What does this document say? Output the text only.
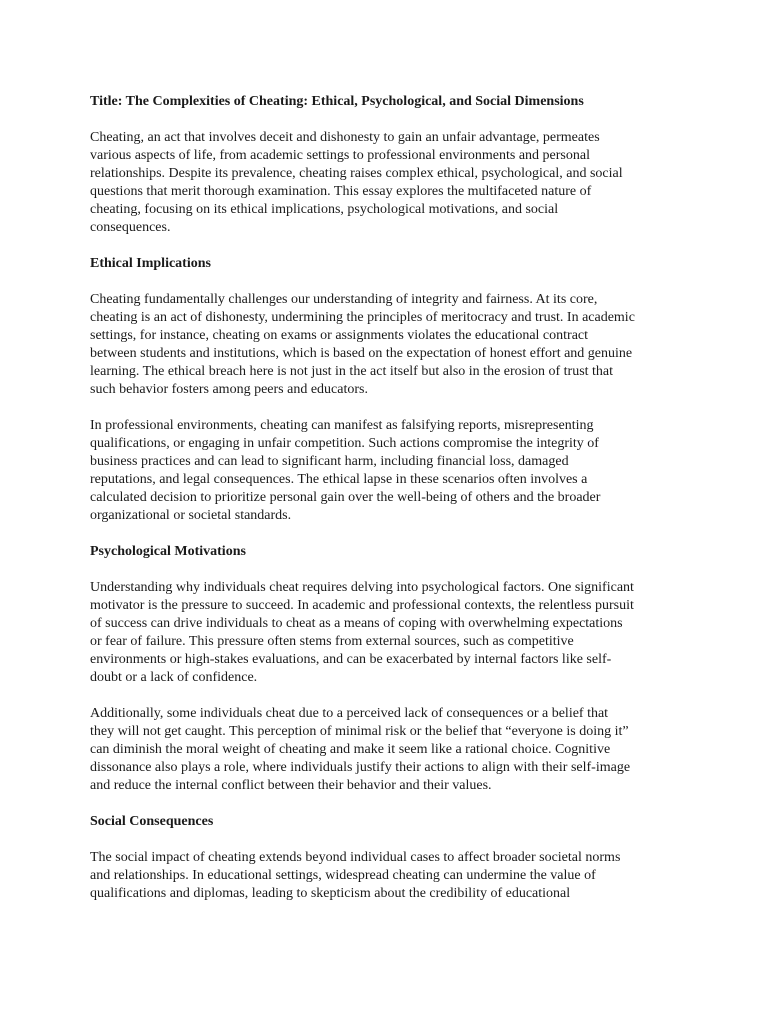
Title: The Complexities of Cheating: Ethical, Psychological, and Social Dimensions
Cheating, an act that involves deceit and dishonesty to gain an unfair advantage, permeates
various aspects of life, from academic settings to professional environments and personal
relationships. Despite its prevalence, cheating raises complex ethical, psychological, and social
questions that merit thorough examination. This essay explores the multifaceted nature of
cheating, focusing on its ethical implications, psychological motivations, and social
consequences.
Ethical Implications
Cheating fundamentally challenges our understanding of integrity and fairness. At its core,
cheating is an act of dishonesty, undermining the principles of meritocracy and trust. In academic
settings, for instance, cheating on exams or assignments violates the educational contract
between students and institutions, which is based on the expectation of honest effort and genuine
learning. The ethical breach here is not just in the act itself but also in the erosion of trust that
such behavior fosters among peers and educators.
In professional environments, cheating can manifest as falsifying reports, misrepresenting
qualifications, or engaging in unfair competition. Such actions compromise the integrity of
business practices and can lead to significant harm, including financial loss, damaged
reputations, and legal consequences. The ethical lapse in these scenarios often involves a
calculated decision to prioritize personal gain over the well-being of others and the broader
organizational or societal standards.
Psychological Motivations
Understanding why individuals cheat requires delving into psychological factors. One significant
motivator is the pressure to succeed. In academic and professional contexts, the relentless pursuit
of success can drive individuals to cheat as a means of coping with overwhelming expectations
or fear of failure. This pressure often stems from external sources, such as competitive
environments or high-stakes evaluations, and can be exacerbated by internal factors like self-
doubt or a lack of confidence.
Additionally, some individuals cheat due to a perceived lack of consequences or a belief that
they will not get caught. This perception of minimal risk or the belief that “everyone is doing it”
can diminish the moral weight of cheating and make it seem like a rational choice. Cognitive
dissonance also plays a role, where individuals justify their actions to align with their self-image
and reduce the internal conflict between their behavior and their values.
Social Consequences
The social impact of cheating extends beyond individual cases to affect broader societal norms
and relationships. In educational settings, widespread cheating can undermine the value of
qualifications and diplomas, leading to skepticism about the credibility of educational
